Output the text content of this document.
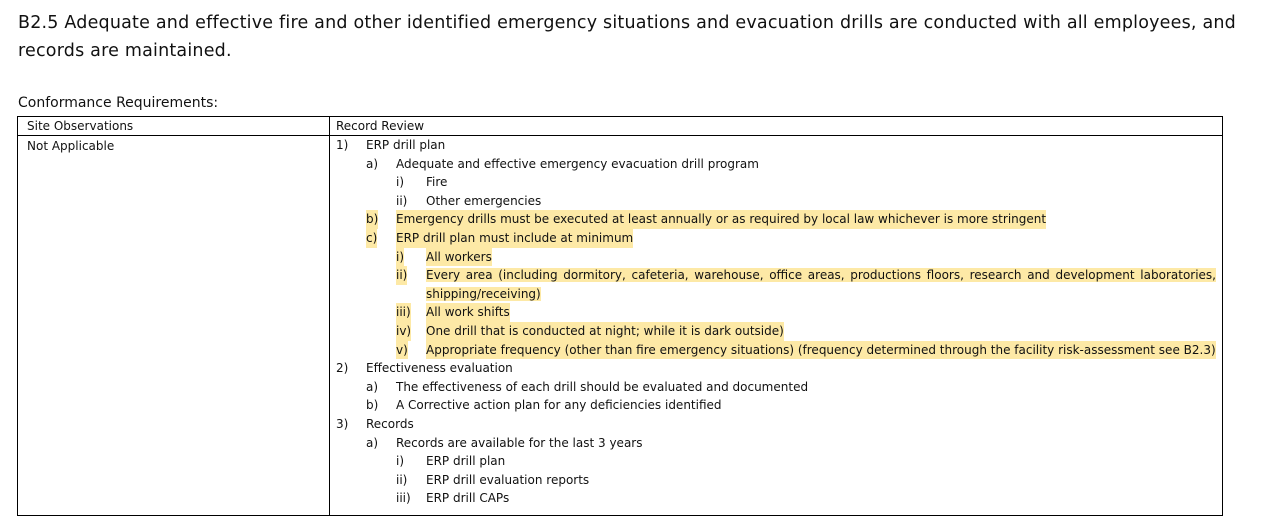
B2.5 Adequate and effective fire and other identified emergency situations and evacuation drills are conducted with all employees, and records are maintained.
Conformance Requirements:
Site Observations	Record Review
Not Applicable	1) ERP drill plan
a) Adequate and effective emergency evacuation drill program
i) Fire
ii) Other emergencies
b) Emergency drills must be executed at least annually or as required by local law whichever is more stringent
c) ERP drill plan must include at minimum
i) All workers
ii) Every area (including dormitory, cafeteria, warehouse, office areas, productions floors, research and development laboratories, shipping/receiving)
iii) All work shifts
iv) One drill that is conducted at night; while it is dark outside)
v) Appropriate frequency (other than fire emergency situations) (frequency determined through the facility risk-assessment see B2.3)
2) Effectiveness evaluation
a) The effectiveness of each drill should be evaluated and documented
b) A Corrective action plan for any deficiencies identified
3) Records
a) Records are available for the last 3 years
i) ERP drill plan
ii) ERP drill evaluation reports
iii) ERP drill CAPs
